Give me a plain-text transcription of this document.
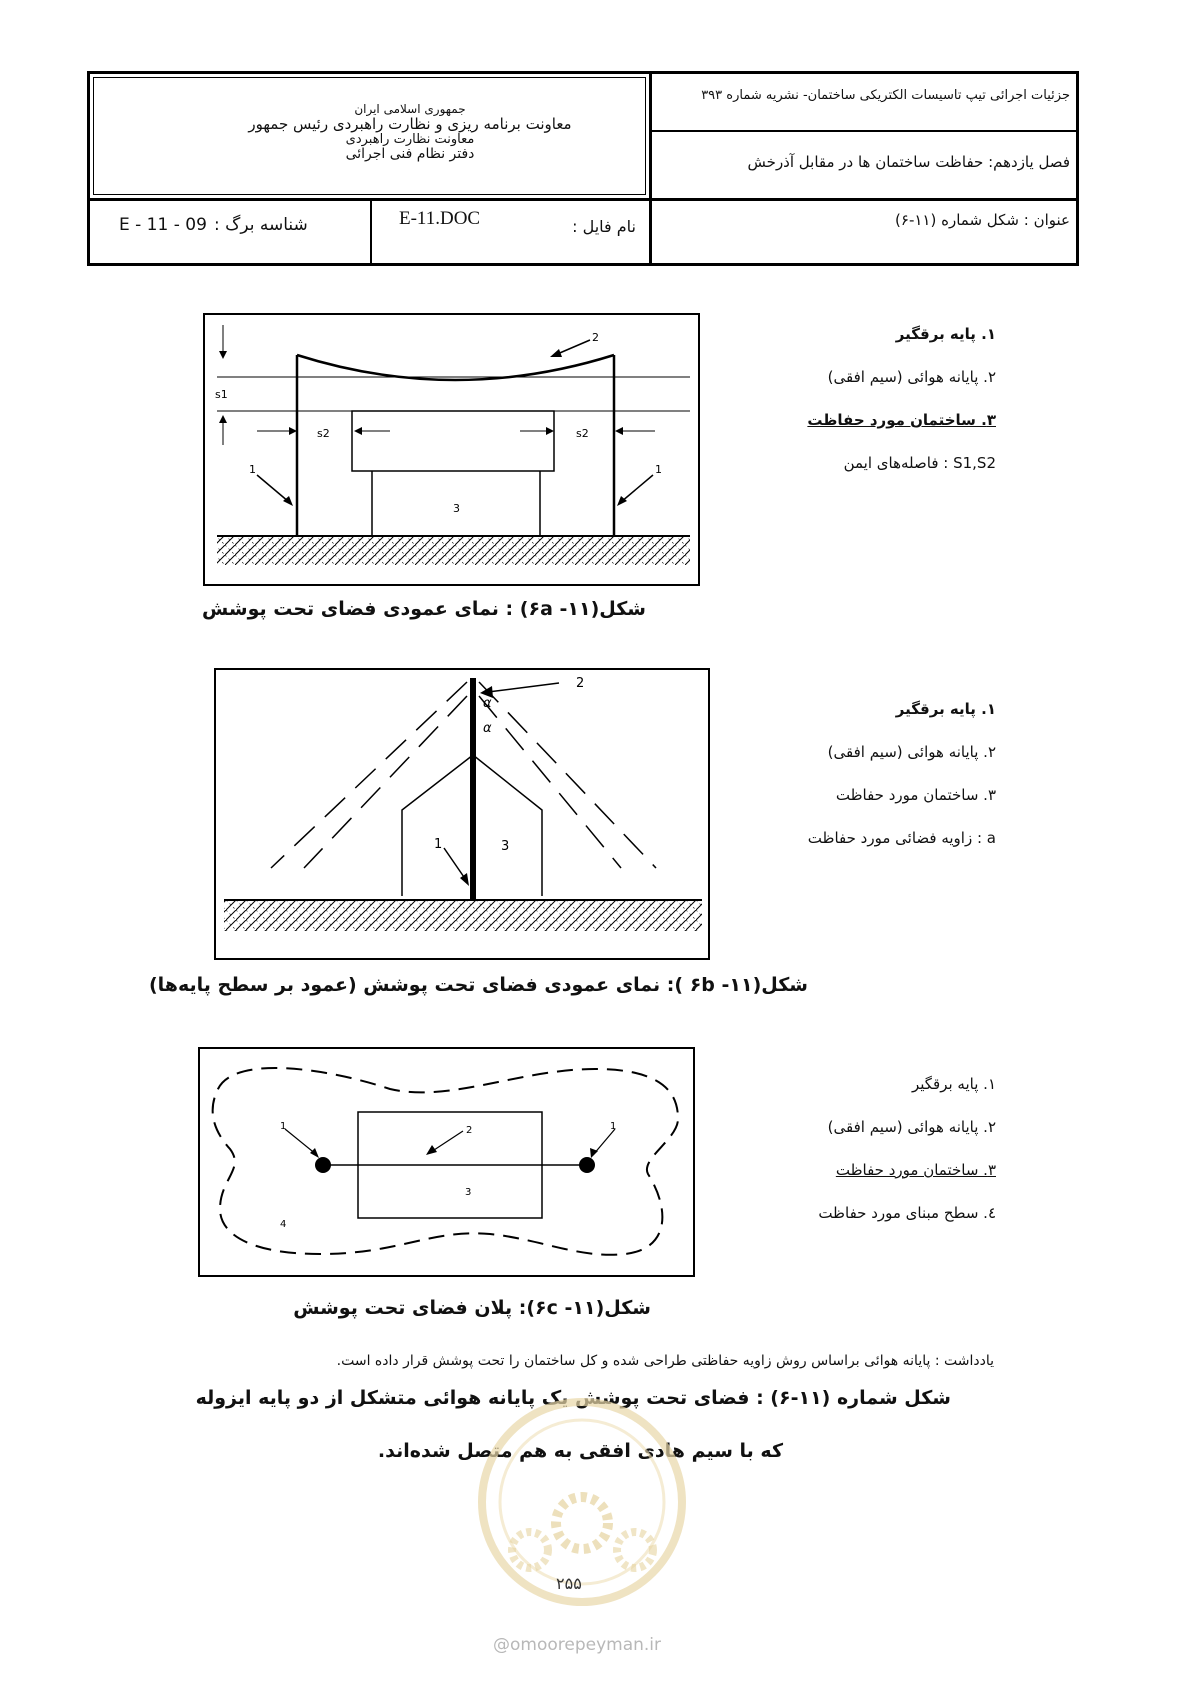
جزئیات اجرائی تیپ تاسیسات الکتریکی ساختمان- نشریه شماره ۳۹۳
فصل یازدهم: حفاظت ساختمان ها در مقابل آذرخش
عنوان : شکل شماره (۱۱-۶)
جمهوری اسلامی ایران
معاونت برنامه ریزی و نظارت راهبردی رئیس جمهور
معاونت نظارت راهبردی
دفتر نظام فنی اجرائی
نام فایل :
E-11.DOC
E - 11 - 09 شناسه برگ :
s1
s2	s2
1	1
2
3
۱. پایه برقگیر
۲. پایانه هوائی (سیم افقی)
۳. ساختمان مورد حفاظت
S1,S2 : فاصله‌های ایمن
شکل(۱۱- ۶a) : نمای عمودی فضای تحت پوشش
α
α
2
1	3
۱. پایه برقگیر
۲. پایانه هوائی (سیم افقی)
۳. ساختمان مورد حفاظت
a : زاویه فضائی مورد حفاظت
شکل(۱۱- ۶b ): نمای عمودی فضای تحت پوشش (عمود بر سطح پایه‌ها)
1	1
2
3
4
۱. پایه برقگیر
۲. پایانه هوائی (سیم افقی)
۳. ساختمان مورد حفاظت
٤. سطح مبنای مورد حفاظت
شکل(۱۱- ۶c): پلان فضای تحت پوشش
یادداشت : پایانه هوائی براساس روش زاویه حفاظتی طراحی شده و کل ساختمان را تحت پوشش قرار داده است.
شکل شماره (۱۱-۶) : فضای تحت پوشش یک پایانه هوائی متشکل از دو پایه ایزوله
که با سیم هادی افقی به هم متصل شده‌اند.
۲۵۵
@omoorepeyman.ir
